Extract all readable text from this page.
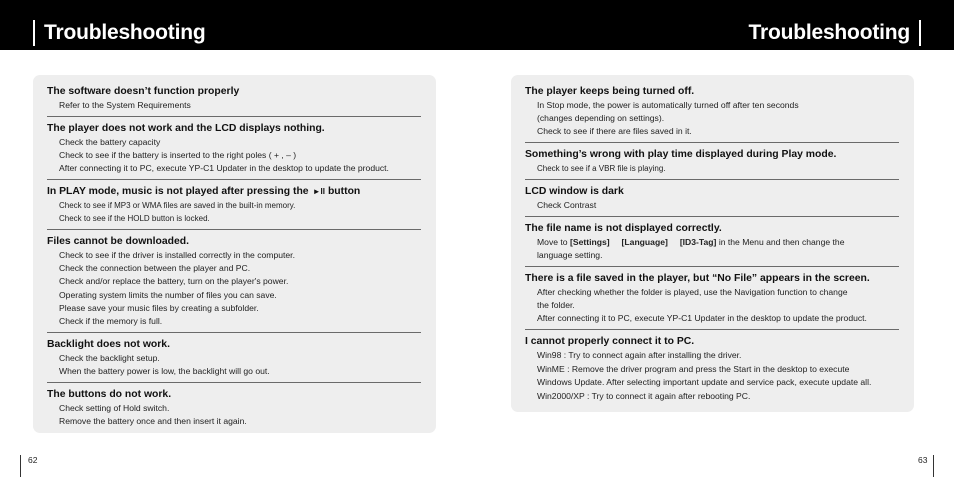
Troubleshooting	Troubleshooting
The software doesn’t function properly
Refer to the System Requirements
The player does not work and the LCD displays nothing.
Check the battery capacity
Check to see if the battery is inserted to the right poles ( + , – )
After connecting it to PC, execute YP-C1 Updater in the desktop to update the product.
In PLAY mode, music is not played after pressing the ►II button
Check to see if MP3 or WMA files are saved in the built-in memory.
Check to see if the HOLD button is locked.
Files cannot be downloaded.
Check to see if the driver is installed correctly in the computer.
Check the connection between the player and PC.
Check and/or replace the battery, turn on the player's power.
Operating system limits the number of files you can save.
Please save your music files by creating a subfolder.
Check if the memory is full.
Backlight does not work.
Check the backlight setup.
When the battery power is low, the backlight will go out.
The buttons do not work.
Check setting of Hold switch.
Remove the battery once and then insert it again.
The player keeps being turned off.
In Stop mode, the power is automatically turned off after ten seconds
(changes depending on settings).
Check to see if there are files saved in it.
Something’s wrong with play time displayed during Play mode.
Check to see if a VBR file is playing.
LCD window is dark
Check Contrast
The file name is not displayed correctly.
Move to [Settings] [Language] [ID3-Tag] in the Menu and then change the
language setting.
There is a file saved in the player, but “No File” appears in the screen.
After checking whether the folder is played, use the Navigation function to change
the folder.
After connecting it to PC, execute YP-C1 Updater in the desktop to update the product.
I cannot properly connect it to PC.
Win98 : Try to connect again after installing the driver.
WinME : Remove the driver program and press the Start in the desktop to execute
Windows Update. After selecting important update and service pack, execute update all.
Win2000/XP : Try to connect it again after rebooting PC.
62	63
